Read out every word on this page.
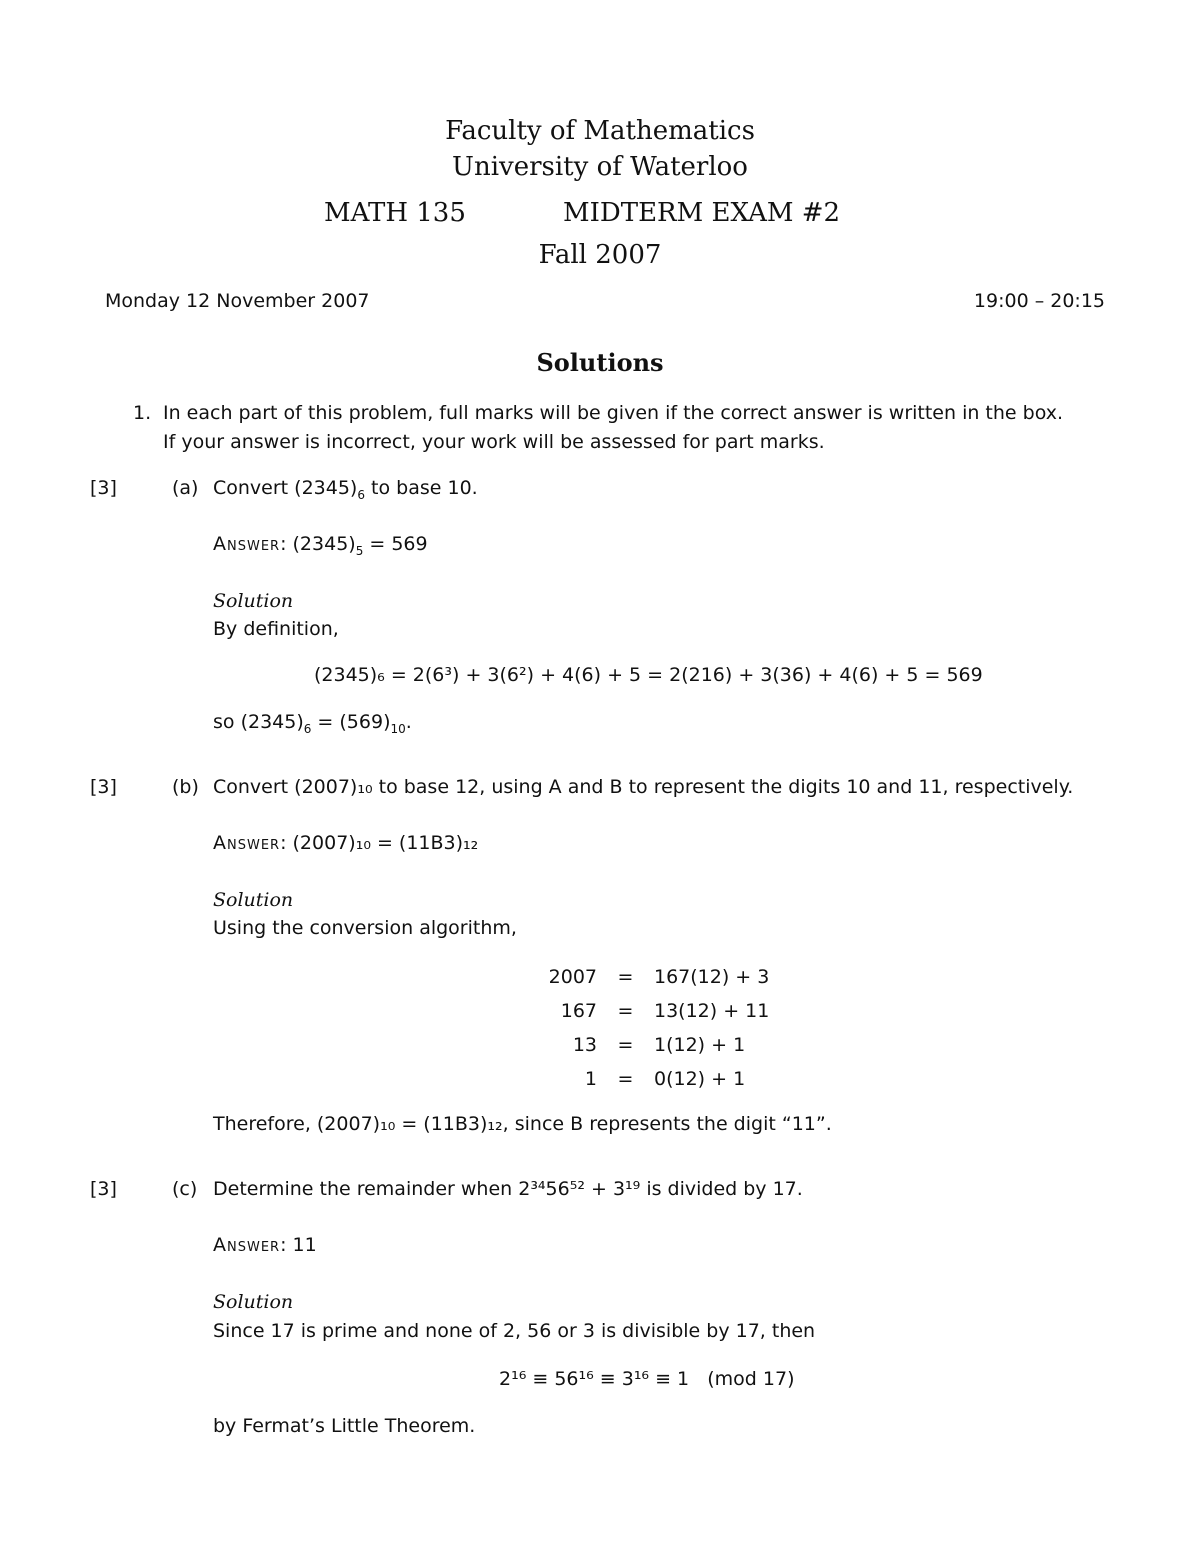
Faculty of Mathematics
University of Waterloo
MATH 135	MIDTERM EXAM #2
Fall 2007
Monday 12 November 2007	19:00 – 20:15
Solutions
1. In each part of this problem, full marks will be given if the correct answer is written in the box.
If your answer is incorrect, your work will be assessed for part marks.
[3]	(a) Convert $(2345)_6$ to base 10.
Answer: $(2345)_5 = 569$
Solution
By definition,
(2345)₆ = 2(6³) + 3(6²) + 4(6) + 5 = 2(216) + 3(36) + 4(6) + 5 = 569
so $(2345)_6 = (569)_{10}$.
[3]	(b) Convert (2007)₁₀ to base 12, using A and B to represent the digits 10 and 11, respectively.
Answer: (2007)₁₀ = (11B3)₁₂
Solution
Using the conversion algorithm,
2007	=	167(12) + 3
167	=	13(12) + 11
13	=	1(12) + 1
1	=	0(12) + 1
Therefore, (2007)₁₀ = (11B3)₁₂, since B represents the digit “11”.
[3]	(c) Determine the remainder when 2³⁴56⁵² + 3¹⁹ is divided by 17.
Answer: 11
Solution
Since 17 is prime and none of 2, 56 or 3 is divisible by 17, then
2¹⁶ ≡ 56¹⁶ ≡ 3¹⁶ ≡ 1   (mod 17)
by Fermat’s Little Theorem.
